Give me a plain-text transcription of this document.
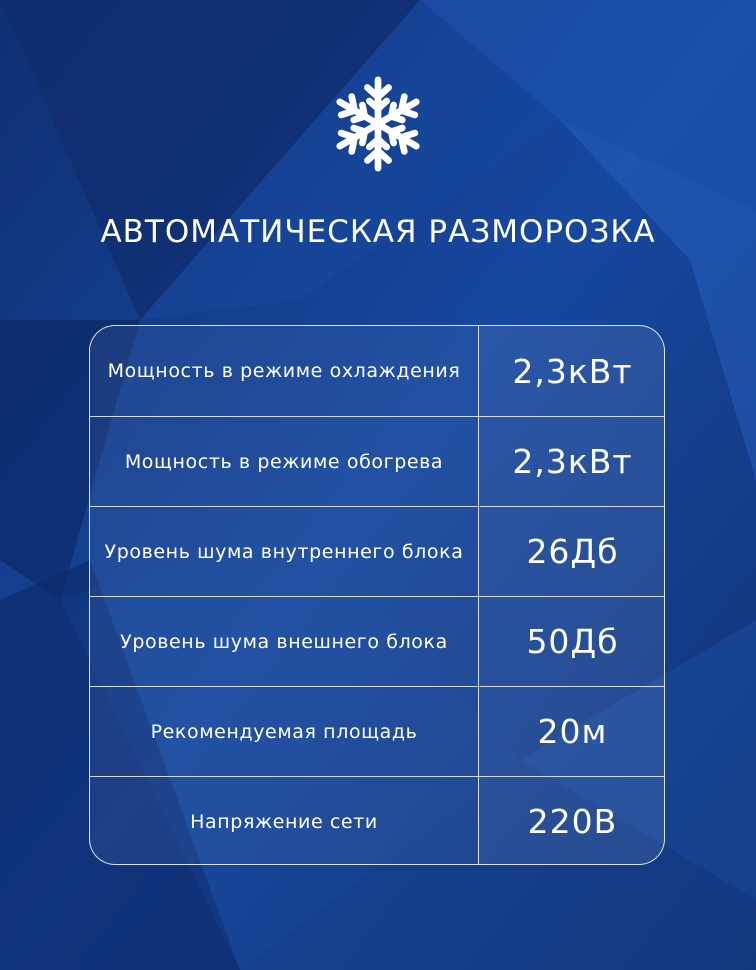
АВТОМАТИЧЕСКАЯ РАЗМОРОЗКА
Мощность в режиме охлаждения	2,3кВт
Мощность в режиме обогрева	2,3кВт
Уровень шума внутреннего блока	26Дб
Уровень шума внешнего блока	50Дб
Рекомендуемая площадь	20м
Напряжение сети	220В
